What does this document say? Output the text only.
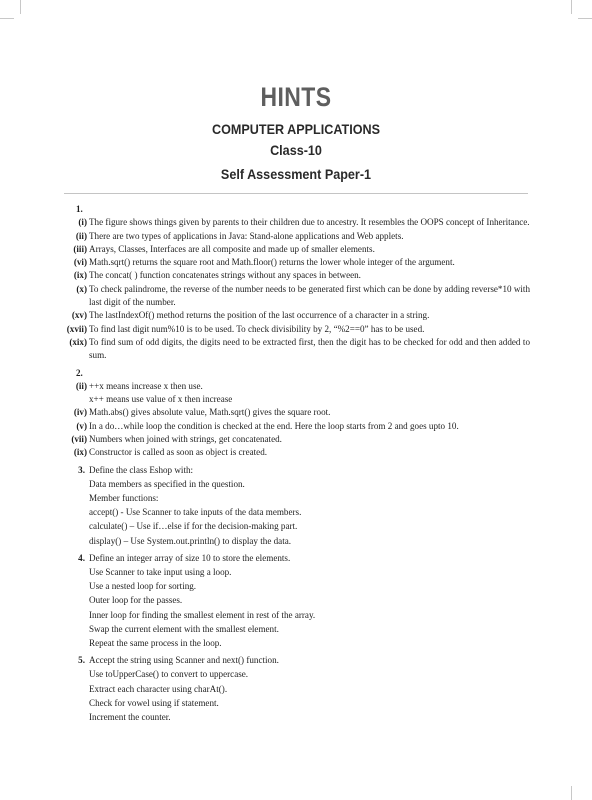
HINTS
COMPUTER APPLICATIONS
Class-10
Self Assessment Paper-1
1.
(i) The figure shows things given by parents to their children due to ancestry. It resembles the OOPS concept of Inheritance.
(ii) There are two types of applications in Java: Stand-alone applications and Web applets.
(iii) Arrays, Classes, Interfaces are all composite and made up of smaller elements.
(vi) Math.sqrt() returns the square root and Math.floor() returns the lower whole integer of the argument.
(ix) The concat( ) function concatenates strings without any spaces in between.
(x) To check palindrome, the reverse of the number needs to be generated first which can be done by adding reverse*10 with last digit of the number.
(xv) The lastIndexOf() method returns the position of the last occurrence of a character in a string.
(xvii) To find last digit num%10 is to be used. To check divisibility by 2, “%2==0” has to be used.
(xix) To find sum of odd digits, the digits need to be extracted first, then the digit has to be checked for odd and then added to sum.
2.
(ii) ++x means increase x then use.
x++ means use value of x then increase
(iv) Math.abs() gives absolute value, Math.sqrt() gives the square root.
(v) In a do…while loop the condition is checked at the end. Here the loop starts from 2 and goes upto 10.
(vii) Numbers when joined with strings, get concatenated.
(ix) Constructor is called as soon as object is created.
3. Define the class Eshop with:
Data members as specified in the question.
Member functions:
accept() - Use Scanner to take inputs of the data members.
calculate() – Use if…else if for the decision-making part.
display() – Use System.out.println() to display the data.
4. Define an integer array of size 10 to store the elements.
Use Scanner to take input using a loop.
Use a nested loop for sorting.
Outer loop for the passes.
Inner loop for finding the smallest element in rest of the array.
Swap the current element with the smallest element.
Repeat the same process in the loop.
5. Accept the string using Scanner and next() function.
Use toUpperCase() to convert to uppercase.
Extract each character using charAt().
Check for vowel using if statement.
Increment the counter.
